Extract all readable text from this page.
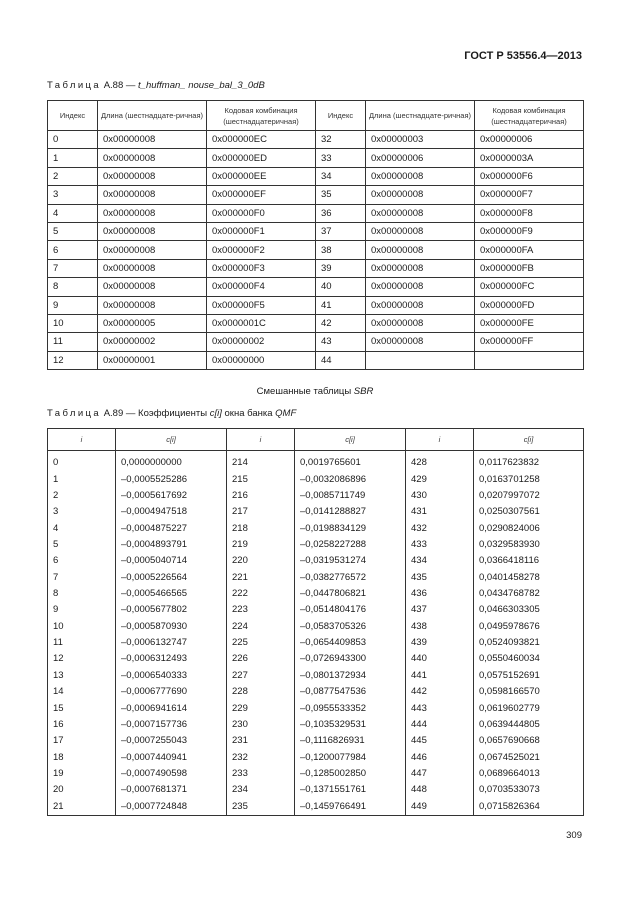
ГОСТ Р 53556.4—2013
Таблица А.88 — t_huffman_ nouse_bal_3_0dB
Индекс	Длина (шестнадцате-ричная)	Кодовая комбинация (шестнадцатеричная)	Индекс	Длина (шестнадцате-ричная)	Кодовая комбинация (шестнадцатеричная)
0	0x00000008	0x000000EC	32	0x00000003	0x00000006
1	0x00000008	0x000000ED	33	0x00000006	0x0000003A
2	0x00000008	0x000000EE	34	0x00000008	0x000000F6
3	0x00000008	0x000000EF	35	0x00000008	0x000000F7
4	0x00000008	0x000000F0	36	0x00000008	0x000000F8
5	0x00000008	0x000000F1	37	0x00000008	0x000000F9
6	0x00000008	0x000000F2	38	0x00000008	0x000000FA
7	0x00000008	0x000000F3	39	0x00000008	0x000000FB
8	0x00000008	0x000000F4	40	0x00000008	0x000000FC
9	0x00000008	0x000000F5	41	0x00000008	0x000000FD
10	0x00000005	0x0000001C	42	0x00000008	0x000000FE
11	0x00000002	0x00000002	43	0x00000008	0x000000FF
12	0x00000001	0x00000000	44		
Смешанные таблицы SBR
Таблица А.89 — Коэффициенты c[i] окна банка QMF
i	c[i]	i	c[i]	i	c[i]
0	0,0000000000	214	0,0019765601	428	0,0117623832
1	–0,0005525286	215	–0,0032086896	429	0,0163701258
2	–0,0005617692	216	–0,0085711749	430	0,0207997072
3	–0,0004947518	217	–0,0141288827	431	0,0250307561
4	–0,0004875227	218	–0,0198834129	432	0,0290824006
5	–0,0004893791	219	–0,0258227288	433	0,0329583930
6	–0,0005040714	220	–0,0319531274	434	0,0366418116
7	–0,0005226564	221	–0,0382776572	435	0,0401458278
8	–0,0005466565	222	–0,0447806821	436	0,0434768782
9	–0,0005677802	223	–0,0514804176	437	0,0466303305
10	–0,0005870930	224	–0,0583705326	438	0,0495978676
11	–0,0006132747	225	–0,0654409853	439	0,0524093821
12	–0,0006312493	226	–0,0726943300	440	0,0550460034
13	–0,0006540333	227	–0,0801372934	441	0,0575152691
14	–0,0006777690	228	–0,0877547536	442	0,0598166570
15	–0,0006941614	229	–0,0955533352	443	0,0619602779
16	–0,0007157736	230	–0,1035329531	444	0,0639444805
17	–0,0007255043	231	–0,1116826931	445	0,0657690668
18	–0,0007440941	232	–0,1200077984	446	0,0674525021
19	–0,0007490598	233	–0,1285002850	447	0,0689664013
20	–0,0007681371	234	–0,1371551761	448	0,0703533073
21	–0,0007724848	235	–0,1459766491	449	0,0715826364
309
